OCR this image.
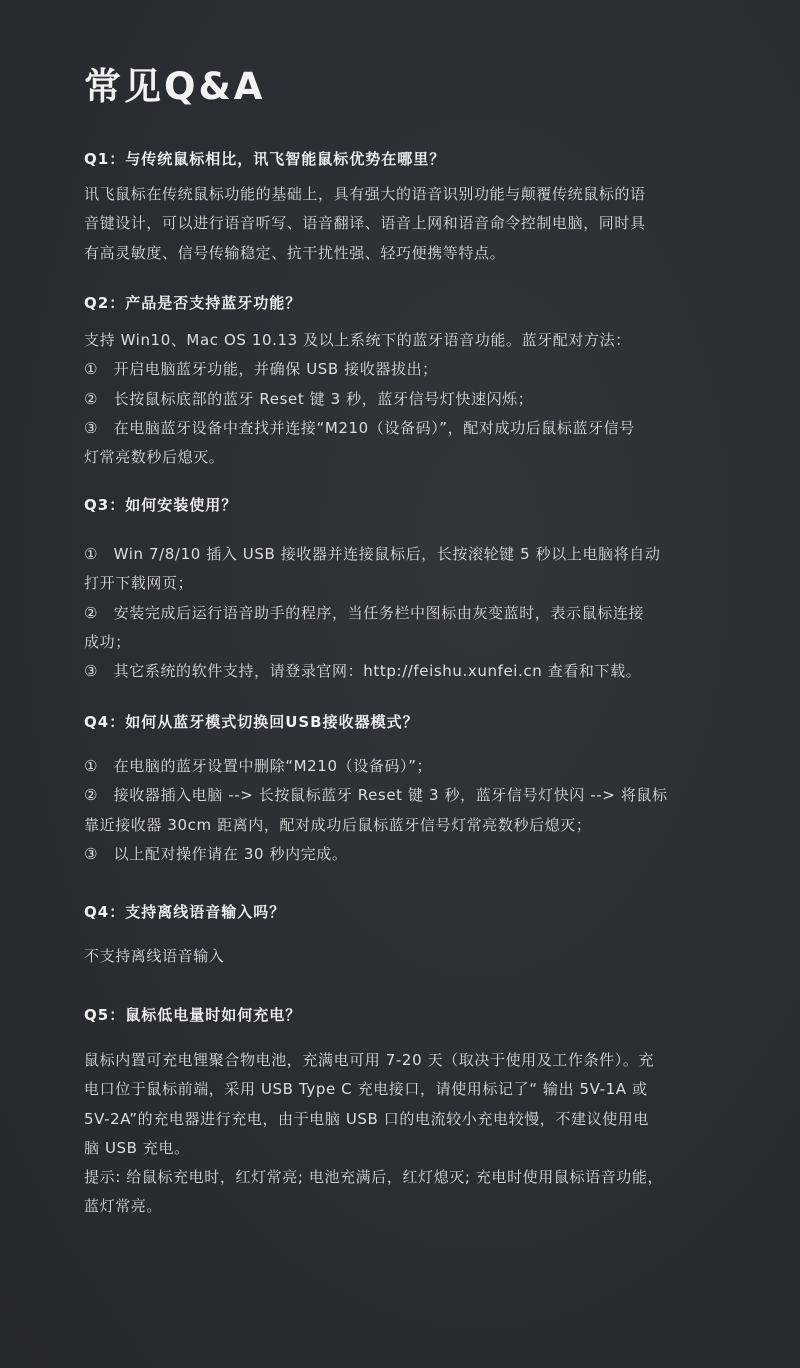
常见Q&A
Q1：与传统鼠标相比，讯飞智能鼠标优势在哪里？
讯飞鼠标在传统鼠标功能的基础上，具有强大的语音识别功能与颠覆传统鼠标的语
音键设计，可以进行语音听写、语音翻译、语音上网和语音命令控制电脑，同时具
有高灵敏度、信号传输稳定、抗干扰性强、轻巧便携等特点。
Q2：产品是否支持蓝牙功能？
支持 Win10、Mac OS 10.13 及以上系统下的蓝牙语音功能。蓝牙配对方法：
①　开启电脑蓝牙功能，并确保 USB 接收器拔出；
②　长按鼠标底部的蓝牙 Reset 键 3 秒，蓝牙信号灯快速闪烁；
③　在电脑蓝牙设备中查找并连接“M210（设备码）”，配对成功后鼠标蓝牙信号
灯常亮数秒后熄灭。
Q3：如何安装使用？
①　Win 7/8/10 插入 USB 接收器并连接鼠标后，长按滚轮键 5 秒以上电脑将自动
打开下载网页；
②　安装完成后运行语音助手的程序，当任务栏中图标由灰变蓝时，表示鼠标连接
成功；
③　其它系统的软件支持，请登录官网：http://feishu.xunfei.cn 查看和下载。
Q4：如何从蓝牙模式切换回USB接收器模式？
①　在电脑的蓝牙设置中删除“M210（设备码）”；
②　接收器插入电脑 --> 长按鼠标蓝牙 Reset 键 3 秒，蓝牙信号灯快闪 --> 将鼠标
靠近接收器 30cm 距离内，配对成功后鼠标蓝牙信号灯常亮数秒后熄灭；
③　以上配对操作请在 30 秒内完成。
Q4：支持离线语音输入吗？
不支持离线语音输入
Q5：鼠标低电量时如何充电？
鼠标内置可充电锂聚合物电池，充满电可用 7-20 天（取决于使用及工作条件）。充
电口位于鼠标前端，采用 USB Type C 充电接口，请使用标记了“ 输出 5V-1A 或
5V-2A”的充电器进行充电，由于电脑 USB 口的电流较小充电较慢，不建议使用电
脑 USB 充电。
提示: 给鼠标充电时，红灯常亮; 电池充满后，红灯熄灭; 充电时使用鼠标语音功能，
蓝灯常亮。
